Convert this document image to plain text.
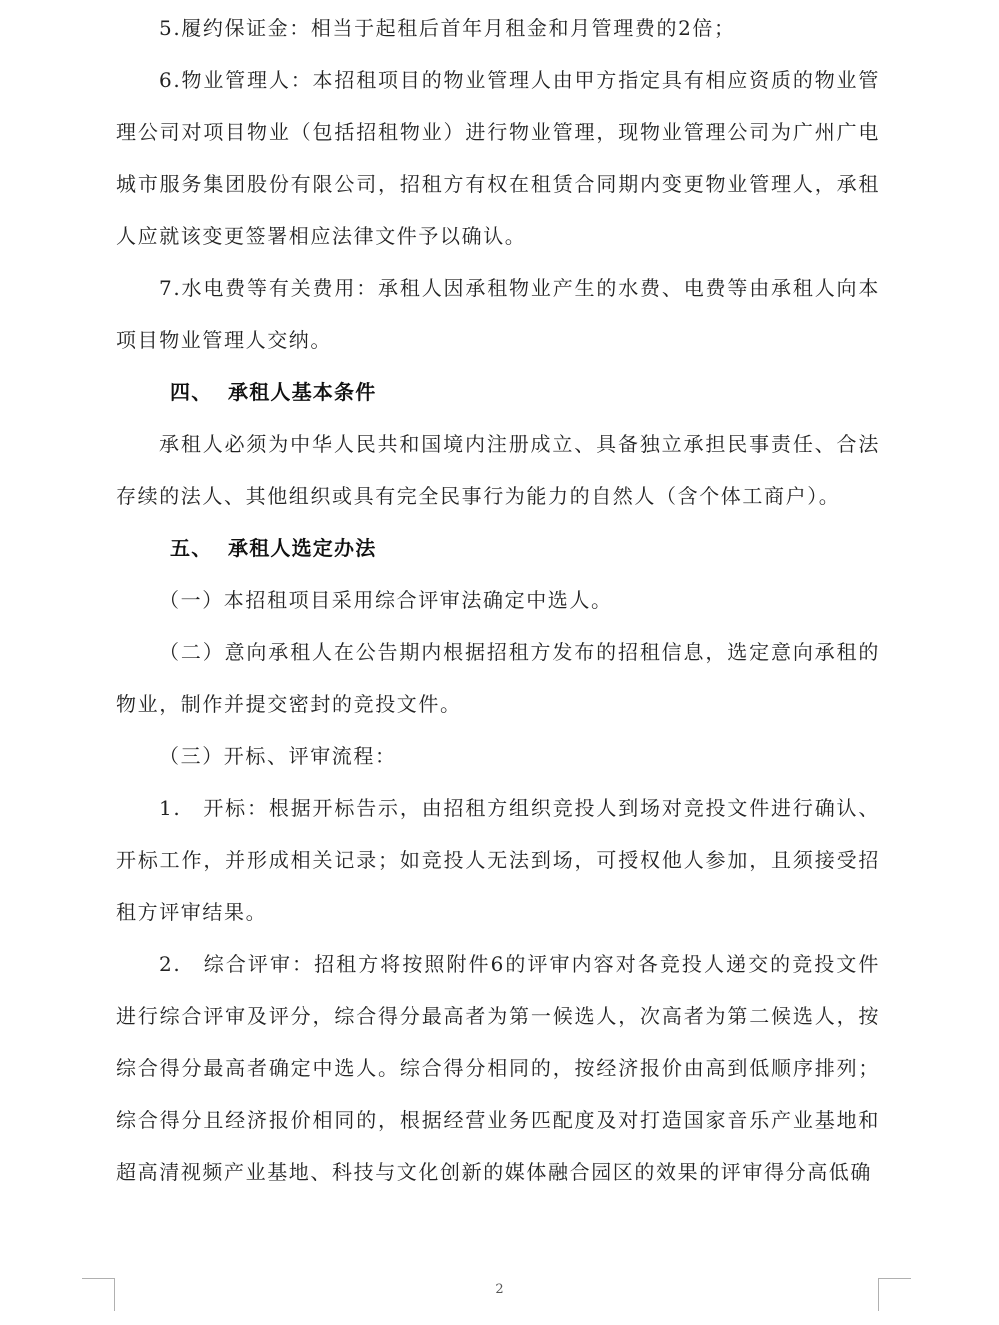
5.履约保证金：相当于起租后首年月租金和月管理费的2倍；

6.物业管理人：本招租项目的物业管理人由甲方指定具有相应资质的物业管理公司对项目物业（包括招租物业）进行物业管理，现物业管理公司为广州广电城市服务集团股份有限公司，招租方有权在租赁合同期内变更物业管理人，承租人应就该变更签署相应法律文件予以确认。

7.水电费等有关费用：承租人因承租物业产生的水费、电费等由承租人向本项目物业管理人交纳。

四、 承租人基本条件

承租人必须为中华人民共和国境内注册成立、具备独立承担民事责任、合法存续的法人、其他组织或具有完全民事行为能力的自然人（含个体工商户）。

五、 承租人选定办法

（一）本招租项目采用综合评审法确定中选人。

（二）意向承租人在公告期内根据招租方发布的招租信息，选定意向承租的物业，制作并提交密封的竞投文件。

（三）开标、评审流程：

1.　开标：根据开标告示，由招租方组织竞投人到场对竞投文件进行确认、开标工作，并形成相关记录；如竞投人无法到场，可授权他人参加，且须接受招租方评审结果。

2.　综合评审：招租方将按照附件6的评审内容对各竞投人递交的竞投文件进行综合评审及评分，综合得分最高者为第一候选人，次高者为第二候选人，按综合得分最高者确定中选人。综合得分相同的，按经济报价由高到低顺序排列；综合得分且经济报价相同的，根据经营业务匹配度及对打造国家音乐产业基地和超高清视频产业基地、科技与文化创新的媒体融合园区的效果的评审得分高低确

2
